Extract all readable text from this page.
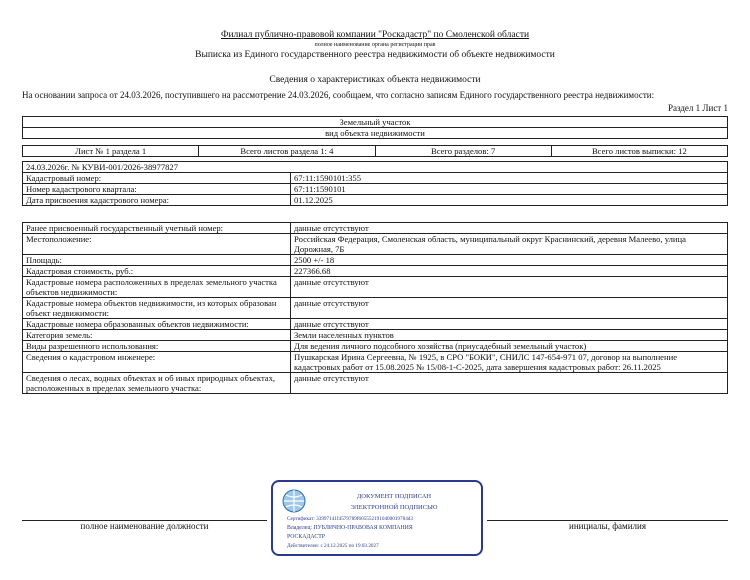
Филиал публично-правовой компании "Роскадастр" по Смоленской области
полное наименование органа регистрации прав
Выписка из Единого государственного реестра недвижимости об объекте недвижимости
Сведения о характеристиках объекта недвижимости
На основании запроса от 24.03.2026, поступившего на рассмотрение 24.03.2026, сообщаем, что согласно записям Единого государственного реестра недвижимости:
Раздел 1 Лист 1
Земельный участок
вид объекта недвижимости
Лист № 1 раздела 1	Всего листов раздела 1: 4	Всего разделов: 7	Всего листов выписки: 12
24.03.2026г. № КУВИ-001/2026-38977827	
Кадастровый номер:	67:11:1590101:355
Номер кадастрового квартала:	67:11:1590101
Дата присвоения кадастрового номера:	01.12.2025
Ранее присвоенный государственный учетный номер:	данные отсутствуют
Местоположение:	Российская Федерация, Смоленская область, муниципальный округ Краснинский, деревня Малеево, улица Дорожная, 7Б
Площадь:	2500 +/- 18
Кадастровая стоимость, руб.:	227366.68
Кадастровые номера расположенных в пределах земельного участка объектов недвижимости:	данные отсутствуют
Кадастровые номера объектов недвижимости, из которых образован объект недвижимости:	данные отсутствуют
Кадастровые номера образованных объектов недвижимости:	данные отсутствуют
Категория земель:	Земли населенных пунктов
Виды разрешенного использования:	Для ведения личного подсобного хозяйства (приусадебный земельный участок)
Сведения о кадастровом инженере:	Пушкарская Ирина Сергеевна, № 1925, в СРО "БОКИ", СНИЛС 147-654-971 07, договор на выполнение кадастровых работ от 15.08.2025 № 15/08-1-С-2025, дата завершения кадастровых работ: 26.11.2025
Сведения о лесах, водных объектах и об иных природных объектах, расположенных в пределах земельного участка:	данные отсутствуют
полное наименование должности	инициалы, фамилия
ДОКУМЕНТ ПОДПИСАН
ЭЛЕКТРОННОЙ ПОДПИСЬЮ
Сертификат: 33997141f4579789f6055521910400019784d3
Владелец: ПУБЛИЧНО-ПРАВОВАЯ КОМПАНИЯ
РОСКАДАСТР
Действителен: с 24.12.2025 по 19.03.2027
